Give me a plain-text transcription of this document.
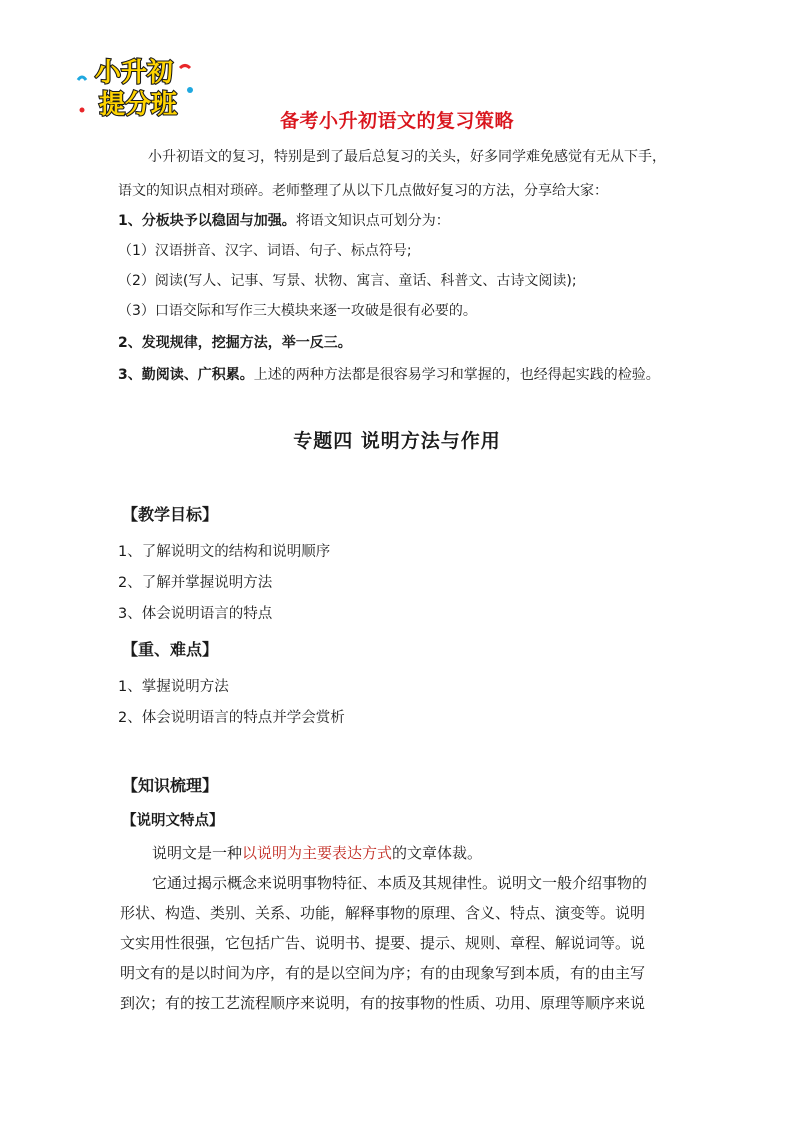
小升初
提分班
备考小升初语文的复习策略
小升初语文的复习，特别是到了最后总复习的关头，好多同学难免感觉有无从下手，
语文的知识点相对琐碎。老师整理了从以下几点做好复习的方法，分享给大家：
1、分板块予以稳固与加强。将语文知识点可划分为：
（1）汉语拼音、汉字、词语、句子、标点符号;
（2）阅读(写人、记事、写景、状物、寓言、童话、科普文、古诗文阅读);
（3）口语交际和写作三大模块来逐一攻破是很有必要的。
2、发现规律，挖掘方法，举一反三。
3、勤阅读、广积累。上述的两种方法都是很容易学习和掌握的，也经得起实践的检验。
专题四 说明方法与作用
【教学目标】
1、了解说明文的结构和说明顺序
2、了解并掌握说明方法
3、体会说明语言的特点
【重、难点】
1、掌握说明方法
2、体会说明语言的特点并学会赏析
【知识梳理】
【说明文特点】
说明文是一种以说明为主要表达方式的文章体裁。
它通过揭示概念来说明事物特征、本质及其规律性。说明文一般介绍事物的
形状、构造、类别、关系、功能，解释事物的原理、含义、特点、演变等。说明
文实用性很强，它包括广告、说明书、提要、提示、规则、章程、解说词等。说
明文有的是以时间为序，有的是以空间为序；有的由现象写到本质，有的由主写
到次；有的按工艺流程顺序来说明，有的按事物的性质、功用、原理等顺序来说
